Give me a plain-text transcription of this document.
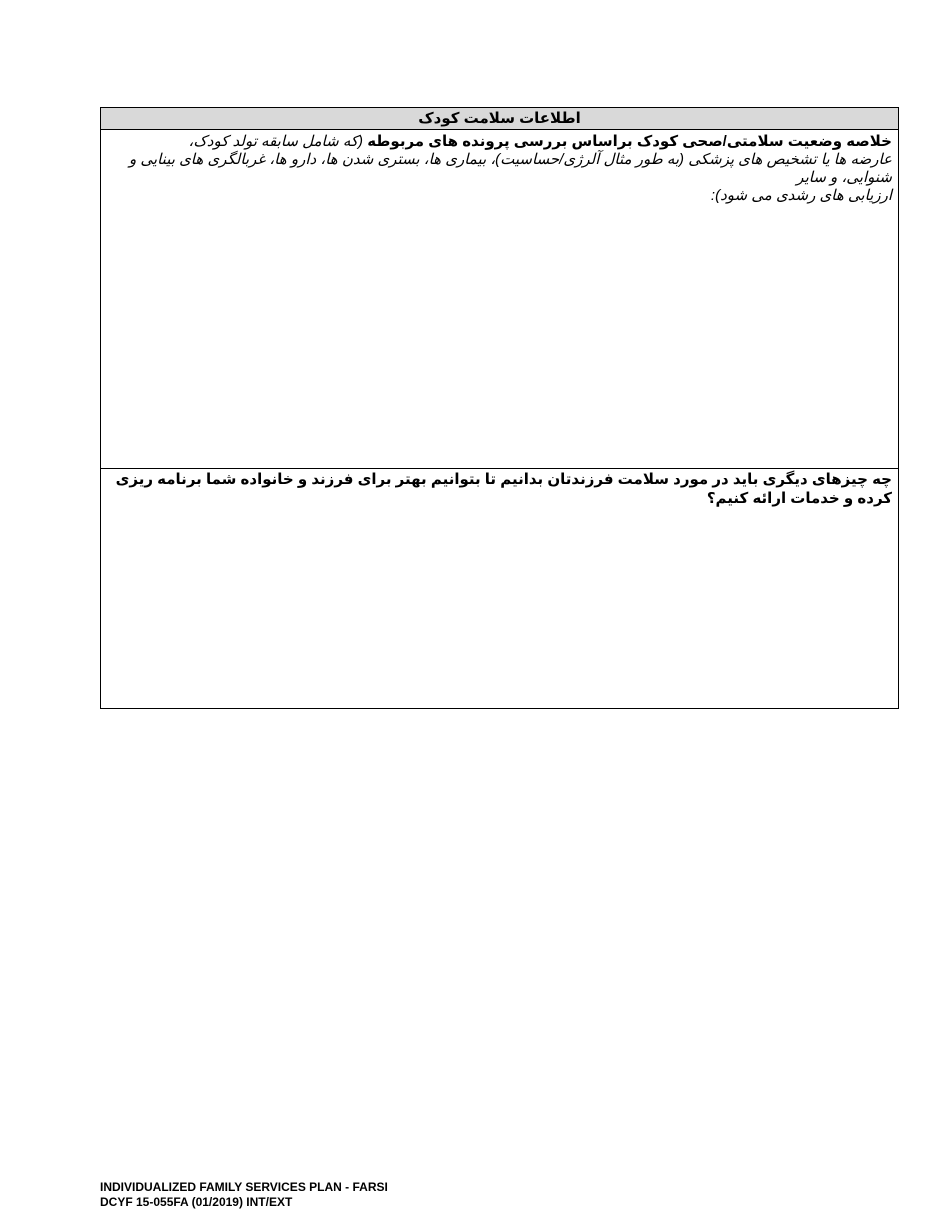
اطلاعات سلامت کودک

خلاصه وضعیت سلامتی/صحی کودک براساس بررسی پرونده های مربوطه (که شامل سابقه تولد کودک،

عارضه ها یا تشخیص های پزشکی (به طور مثال آلرژی/حساسیت)، بیماری ها، بستری شدن ها، دارو ها، غربالگری های بینایی و شنوایی، و سایر

ارزیابی های رشدی می شود):

چه چیزهای دیگری باید در مورد سلامت فرزندتان بدانیم تا بتوانیم بهتر برای فرزند و خانواده شما برنامه ریزی کرده و خدمات ارائه کنیم؟

INDIVIDUALIZED FAMILY SERVICES PLAN - FARSI
DCYF 15-055FA (01/2019) INT/EXT
